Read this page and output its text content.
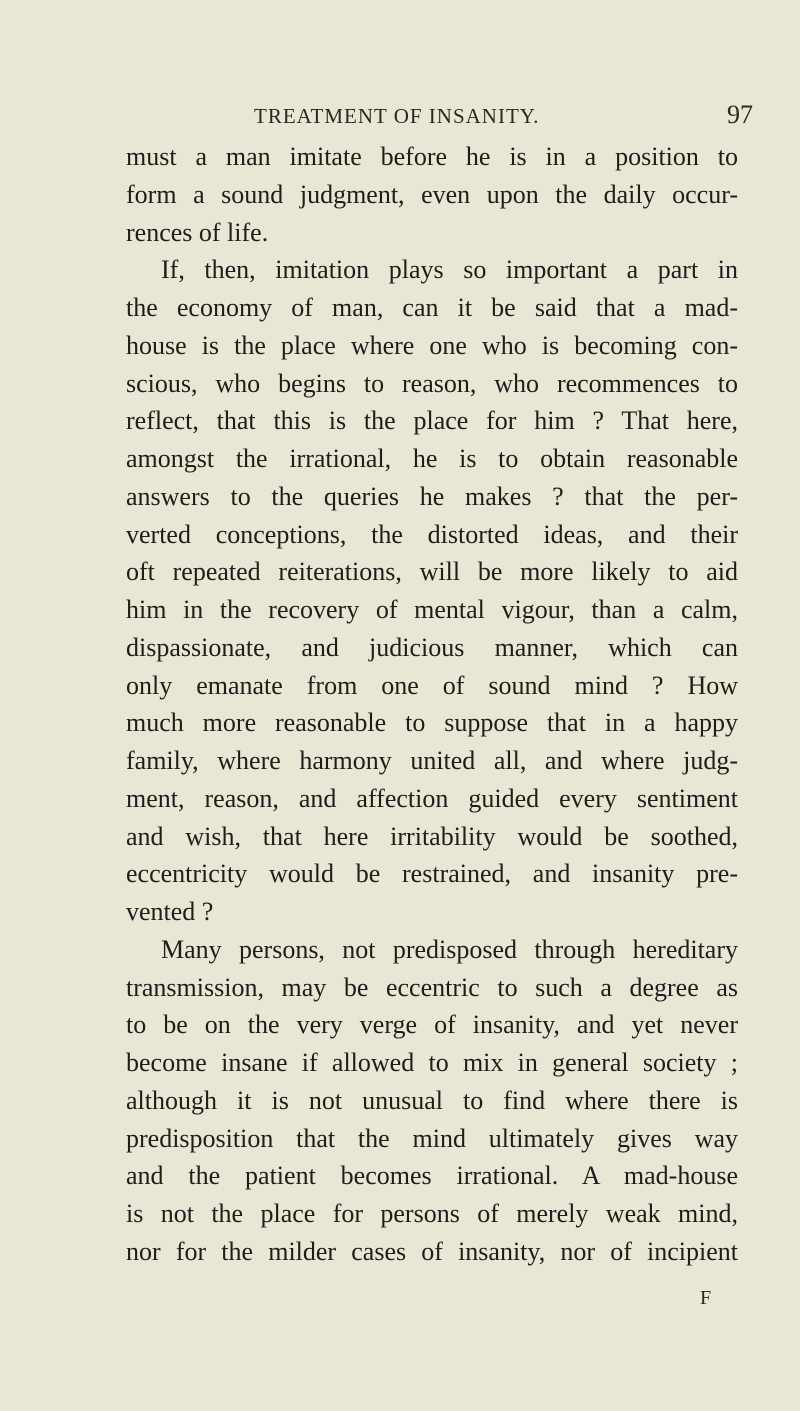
TREATMENT OF INSANITY.	97
must a man imitate before he is in a position to
form a sound judgment, even upon the daily occur-
rences of life.
If, then, imitation plays so important a part in
the economy of man, can it be said that a mad-
house is the place where one who is becoming con-
scious, who begins to reason, who recommences to
reflect, that this is the place for him ? That here,
amongst the irrational, he is to obtain reasonable
answers to the queries he makes ? that the per-
verted conceptions, the distorted ideas, and their
oft repeated reiterations, will be more likely to aid
him in the recovery of mental vigour, than a calm,
dispassionate, and judicious manner, which can
only emanate from one of sound mind ? How
much more reasonable to suppose that in a happy
family, where harmony united all, and where judg-
ment, reason, and affection guided every sentiment
and wish, that here irritability would be soothed,
eccentricity would be restrained, and insanity pre-
vented ?
Many persons, not predisposed through hereditary
transmission, may be eccentric to such a degree as
to be on the very verge of insanity, and yet never
become insane if allowed to mix in general society ;
although it is not unusual to find where there is
predisposition that the mind ultimately gives way
and the patient becomes irrational. A mad-house
is not the place for persons of merely weak mind,
nor for the milder cases of insanity, nor of incipient
F
